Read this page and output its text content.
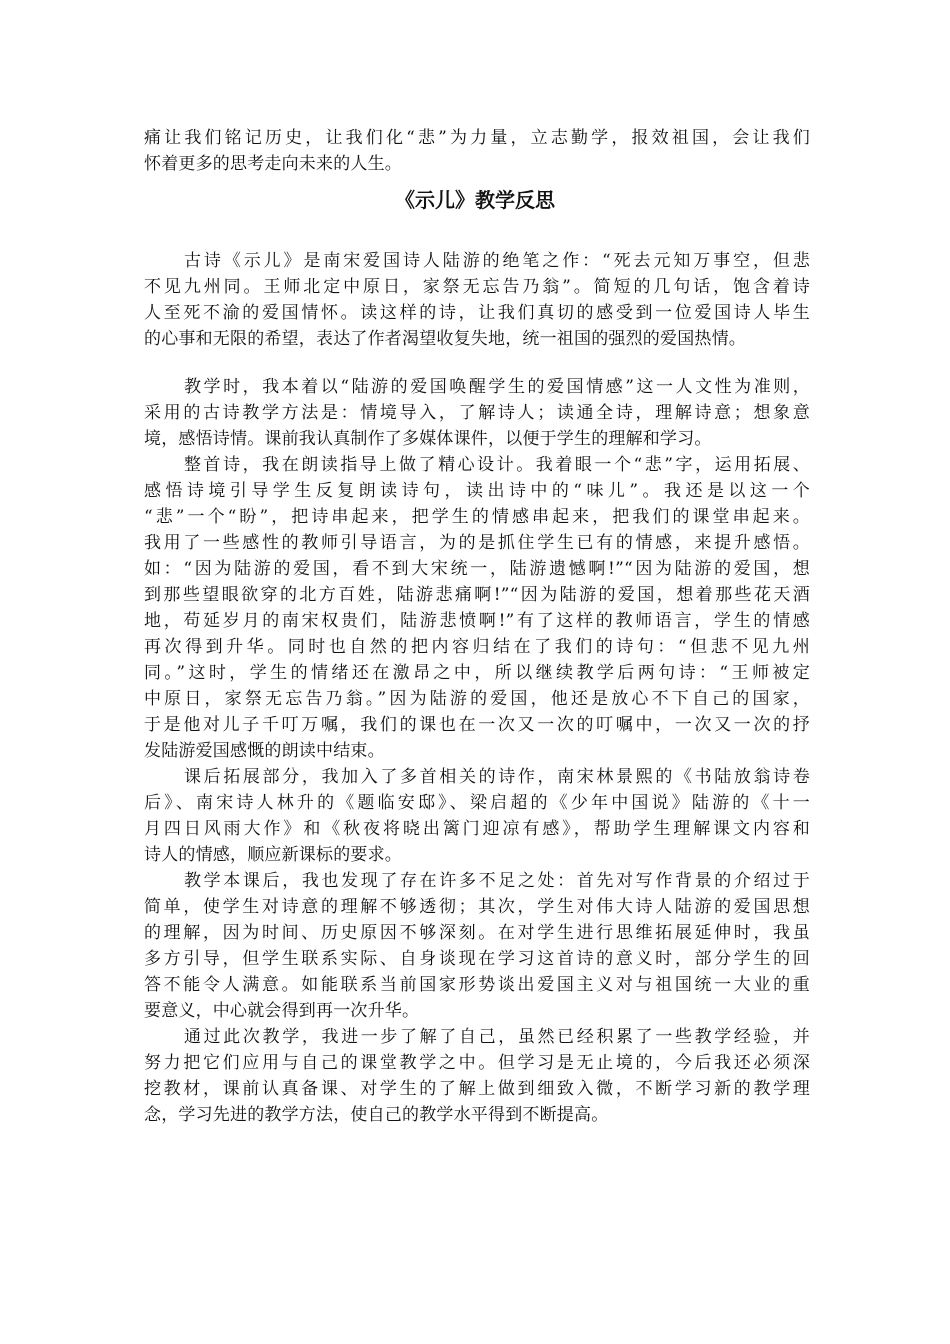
痛让我们铭记历史，让我们化“悲”为力量，立志勤学，报效祖国，会让我们
怀着更多的思考走向未来的人生。
《示儿》教学反思
古诗《示儿》是南宋爱国诗人陆游的绝笔之作：“死去元知万事空，但悲
不见九州同。王师北定中原日，家祭无忘告乃翁”。简短的几句话，饱含着诗
人至死不渝的爱国情怀。读这样的诗，让我们真切的感受到一位爱国诗人毕生
的心事和无限的希望，表达了作者渴望收复失地，统一祖国的强烈的爱国热情。
教学时，我本着以“陆游的爱国唤醒学生的爱国情感”这一人文性为准则，
采用的古诗教学方法是：情境导入，了解诗人；读通全诗，理解诗意；想象意
境，感悟诗情。课前我认真制作了多媒体课件，以便于学生的理解和学习。
整首诗，我在朗读指导上做了精心设计。我着眼一个“悲”字，运用拓展、
感悟诗境引导学生反复朗读诗句，读出诗中的“味儿”。我还是以这一个
“悲”一个“盼”，把诗串起来，把学生的情感串起来，把我们的课堂串起来。
我用了一些感性的教师引导语言，为的是抓住学生已有的情感，来提升感悟。
如：“因为陆游的爱国，看不到大宋统一，陆游遗憾啊!”“因为陆游的爱国，想
到那些望眼欲穿的北方百姓，陆游悲痛啊!”“因为陆游的爱国，想着那些花天酒
地，苟延岁月的南宋权贵们，陆游悲愤啊!”有了这样的教师语言，学生的情感
再次得到升华。同时也自然的把内容归结在了我们的诗句：“但悲不见九州
同。”这时，学生的情绪还在激昂之中，所以继续教学后两句诗：“王师被定
中原日，家祭无忘告乃翁。”因为陆游的爱国，他还是放心不下自己的国家，
于是他对儿子千叮万嘱，我们的课也在一次又一次的叮嘱中，一次又一次的抒
发陆游爱国感慨的朗读中结束。
课后拓展部分，我加入了多首相关的诗作，南宋林景熙的《书陆放翁诗卷
后》、南宋诗人林升的《题临安邸》、梁启超的《少年中国说》陆游的《十一
月四日风雨大作》和《秋夜将晓出篱门迎凉有感》，帮助学生理解课文内容和
诗人的情感，顺应新课标的要求。
教学本课后，我也发现了存在许多不足之处：首先对写作背景的介绍过于
简单，使学生对诗意的理解不够透彻；其次，学生对伟大诗人陆游的爱国思想
的理解，因为时间、历史原因不够深刻。在对学生进行思维拓展延伸时，我虽
多方引导，但学生联系实际、自身谈现在学习这首诗的意义时，部分学生的回
答不能令人满意。如能联系当前国家形势谈出爱国主义对与祖国统一大业的重
要意义，中心就会得到再一次升华。
通过此次教学，我进一步了解了自己，虽然已经积累了一些教学经验，并
努力把它们应用与自己的课堂教学之中。但学习是无止境的，今后我还必须深
挖教材，课前认真备课、对学生的了解上做到细致入微，不断学习新的教学理
念，学习先进的教学方法，使自己的教学水平得到不断提高。
